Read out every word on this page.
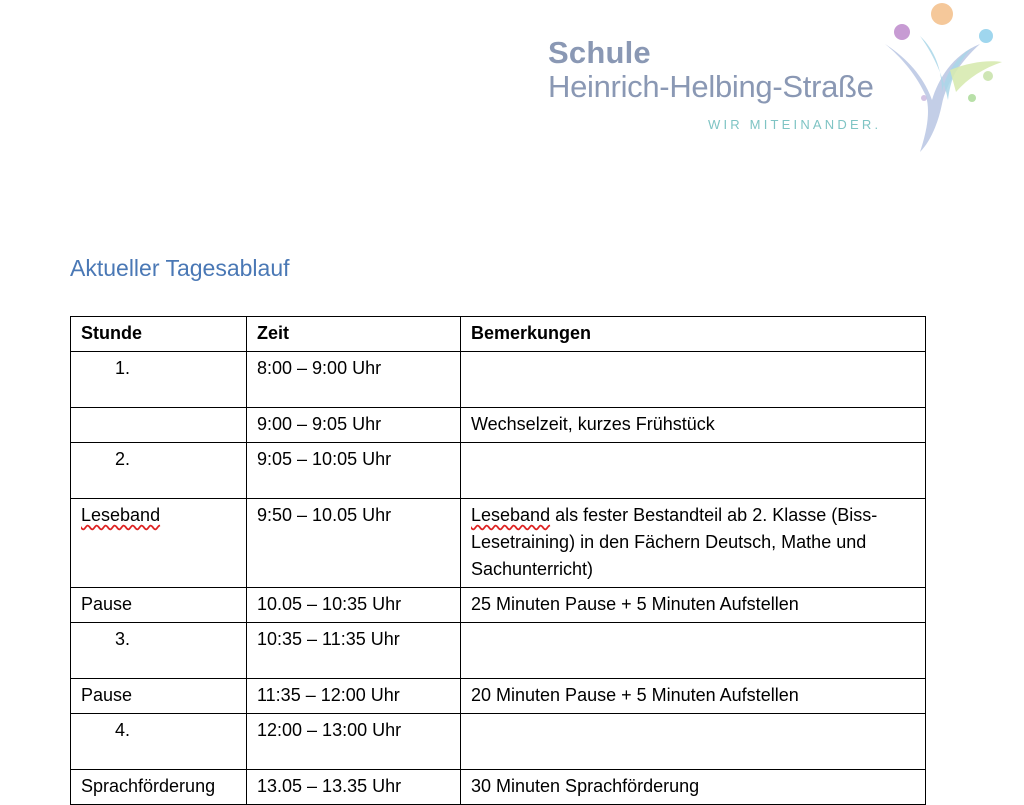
Schule
Heinrich-Helbing-Straße
WIR MITEINANDER.
Aktueller Tagesablauf
Stunde	Zeit	Bemerkungen
1.	8:00 – 9:00 Uhr	
	9:00 – 9:05 Uhr	Wechselzeit, kurzes Frühstück
2.	9:05 – 10:05 Uhr	
Leseband	9:50 – 10.05 Uhr	Leseband als fester Bestandteil ab 2. Klasse (Biss-Lesetraining) in den Fächern Deutsch, Mathe und Sachunterricht)
Pause	10.05 – 10:35 Uhr	25 Minuten Pause + 5 Minuten Aufstellen
3.	10:35 – 11:35 Uhr	
Pause	11:35 – 12:00 Uhr	20 Minuten Pause + 5 Minuten Aufstellen
4.	12:00 – 13:00 Uhr	
Sprachförderung	13.05 – 13.35 Uhr	30 Minuten Sprachförderung
